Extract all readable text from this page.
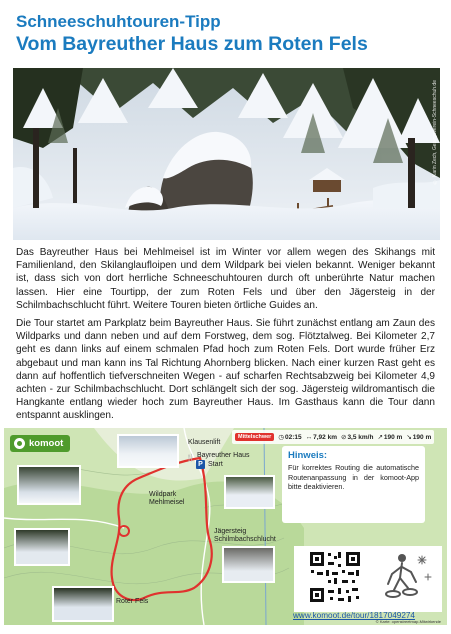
Schneeschuhtouren-Tipp
Vom Bayreuther Haus zum Roten Fels
© Karin Zech, Gebirgsverein-Schneeschuh.de

Das Bayreuther Haus bei Mehlmeisel ist im Winter vor allem wegen des Skihangs mit Familienland, den Skilanglaufloipen und dem Wildpark bei vielen bekannt. Weniger bekannt ist, dass sich von dort herrliche Schneeschuhtouren durch oft unberührte Natur machen lassen. Hier eine Tourtipp, der zum Roten Fels und über den Jägersteig in der Schilmbachschlucht führt. Weitere Touren bieten örtliche Guides an.

Die Tour startet am Parkplatz beim Bayreuther Haus. Sie führt zunächst entlang am Zaun des Wildparks und dann neben und auf dem Forstweg, dem sog. Flötztalweg. Bei Kilometer 2,7 geht es dann links auf einem schmalen Pfad hoch zum Roten Fels. Dort wurde früher Erz abgebaut und man kann ins Tal Richtung Ahornberg blicken. Nach einer kurzen Rast geht es dann auf hoffentlich tiefverschneiten Wegen - auf scharfen Rechtsabzweig bei Kilometer 4,9 achten - zur Schilmbachschlucht. Dort schlängelt sich der sog. Jägersteig wildromantisch die Hangkante entlang wieder hoch zum Bayreuther Haus. Im Gasthaus kann die Tour dann entspannt ausklingen.

komoot
Mittelschwer	◷ 02:15 ↔ 7,92 km ⊘ 3,5 km/h ↗ 190 m ↘ 190 m
Klausenlift
🍴 Bayreuther Haus
P Start
Wildpark
Mehlmeisel
Jägersteig
Schilmbachschlucht
Roter Fels
Hinweis:
Für korrektes Routing die automatische Routenanpassung in der komoot-App bitte deaktivieren.
www.komoot.de/tour/1817049274
© Karte: openstreetmap-Mitwirkende
